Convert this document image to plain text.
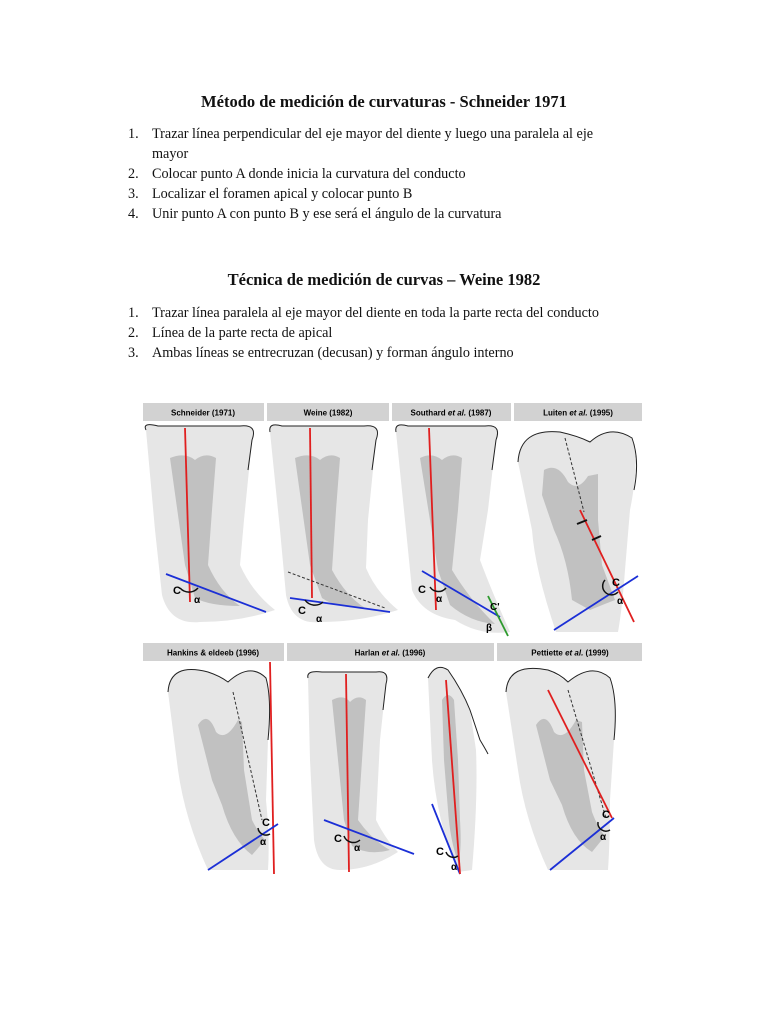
Método de medición de curvaturas - Schneider 1971
1. Trazar línea perpendicular del eje mayor del diente y luego una paralela al eje
mayor
2. Colocar punto A donde inicia la curvatura del conducto
3. Localizar el foramen apical y colocar punto B
4. Unir punto A con punto B y ese será el ángulo de la curvatura
Técnica de medición de curvas – Weine 1982
1. Trazar línea paralela al eje mayor del diente en toda la parte recta del conducto
2. Línea de la parte recta de apical
3. Ambas líneas se entrecruzan (decusan) y forman ángulo interno
Schneider (1971)	Weine (1982)	Southard et al. (1987)	Luiten et al. (1995)
Hankins & eldeeb (1996)	Harlan et al. (1996)	Pettiette et al. (1999)
C
α
C
α
C
α
C'
β
C
α
C
α	C
α	C
α
C
α
